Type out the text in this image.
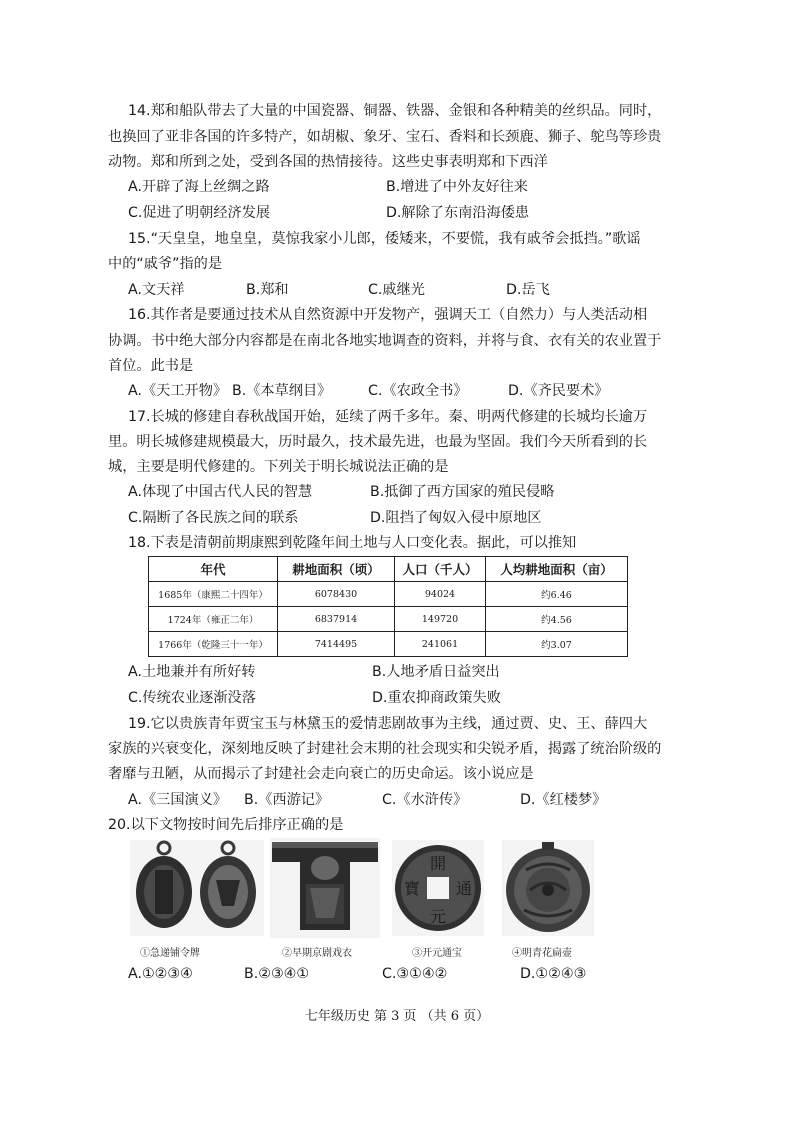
14.郑和船队带去了大量的中国瓷器、铜器、铁器、金银和各种精美的丝织品。同时，
也换回了亚非各国的许多特产，如胡椒、象牙、宝石、香料和长颈鹿、狮子、鸵鸟等珍贵
动物。郑和所到之处，受到各国的热情接待。这些史事表明郑和下西洋
A.开辟了海上丝绸之路	B.增进了中外友好往来
C.促进了明朝经济发展	D.解除了东南沿海倭患
15.“天皇皇，地皇皇，莫惊我家小儿郎，倭矮来，不要慌，我有戚爷会抵挡。”歌谣
中的“戚爷”指的是
A.文天祥	B.郑和	C.戚继光	D.岳飞
16.其作者是要通过技术从自然资源中开发物产，强调天工（自然力）与人类活动相
协调。书中绝大部分内容都是在南北各地实地调查的资料，并将与食、衣有关的农业置于
首位。此书是
A.《天工开物》 B.《本草纲目》	C.《农政全书》	D.《齐民要术》
17.长城的修建自春秋战国开始，延续了两千多年。秦、明两代修建的长城均长逾万
里。明长城修建规模最大，历时最久，技术最先进，也最为坚固。我们今天所看到的长
城，主要是明代修建的。下列关于明长城说法正确的是
A.体现了中国古代人民的智慧	B.抵御了西方国家的殖民侵略
C.隔断了各民族之间的联系	D.阻挡了匈奴入侵中原地区
18.下表是清朝前期康熙到乾隆年间土地与人口变化表。据此，可以推知
年代	耕地面积（顷）	人口（千人）	人均耕地面积（亩）
1685年（康熙二十四年）	6078430	94024	约6.46
1724年（雍正二年）	6837914	149720	约4.56
1766年（乾隆三十一年）	7414495	241061	约3.07
A.土地兼并有所好转	B.人地矛盾日益突出
C.传统农业逐渐没落	D.重农抑商政策失败
19.它以贵族青年贾宝玉与林黛玉的爱情悲剧故事为主线，通过贾、史、王、薛四大
家族的兴衰变化，深刻地反映了封建社会末期的社会现实和尖锐矛盾，揭露了统治阶级的
奢靡与丑陋，从而揭示了封建社会走向衰亡的历史命运。该小说应是
A.《三国演义》 B.《西游记》	C.《水浒传》	D.《红楼梦》
20.以下文物按时间先后排序正确的是
開
元
通
寶
①急递铺令牌	②早期京剧戏衣	③开元通宝	④明青花扁壶
A.①②③④	B.②③④①	C.③①④②	D.①②④③
七年级历史 第 3 页 （共 6 页）
